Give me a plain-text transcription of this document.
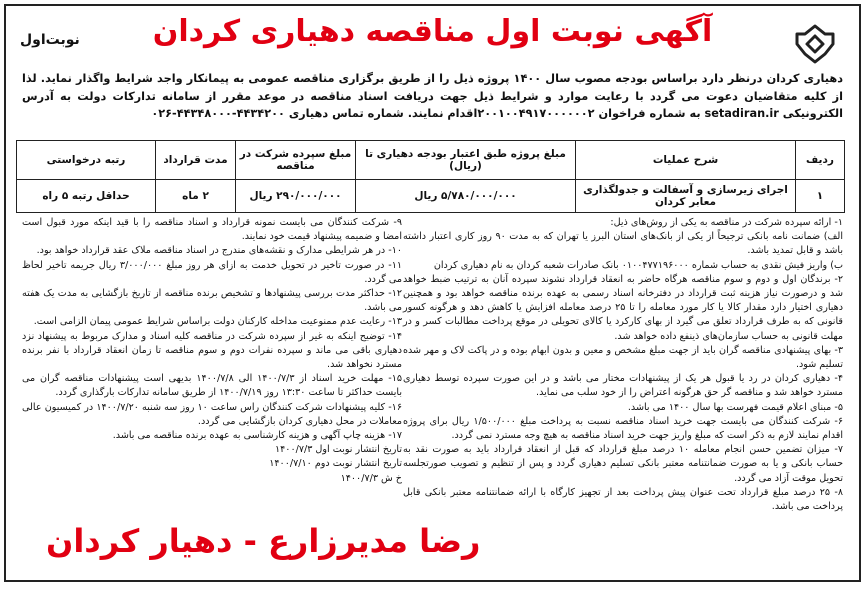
آگهی نوبت اول مناقصه دهیاری کردان
نوبت‌اول
دهیاری کردان درنظر دارد براساس بودجه مصوب سال ۱۴۰۰ پروژه ذیل را از طریق برگزاری مناقصه عمومی به پیمانکار واجد شرایط واگذار نماید. لذا از کلیه متقاضیان دعوت می گردد با رعایت موارد و شرایط ذیل جهت دریافت اسناد مناقصه در موعد مقرر از سامانه تدارکات دولت به آدرس الکترونیکی setadiran.ir به شماره فراخوان ۲۰۰۱۰۰۴۹۱۷۰۰۰۰۰۰۲اقدام نمایند. شماره تماس دهیاری ۴۴۳۴۲۰۰-۴۴۳۴۸۰۰۰-۰۲۶
ردیف	شرح عملیات	مبلغ پروژه طبق اعتبار بودجه دهیاری تا (ریال)	مبلغ سپرده شرکت در مناقصه	مدت قرارداد	رتبه درخواستی
۱	اجرای زیرسازی و آسفالت و جدولگذاری معابر کردان	۵/۷۸۰/۰۰۰/۰۰۰ ریال	۲۹۰/۰۰۰/۰۰۰ ریال	۲ ماه	حداقل رتبه ۵ راه

۱- ارائه سپرده شرکت در مناقصه به یکی از روش‌های ذیل:

الف) ضمانت نامه بانکی ترجیحاً از یکی از بانک‌های استان البرز یا تهران که به مدت ۹۰ روز کاری اعتبار داشته باشد و قابل تمدید باشد.

ب) واریز فیش نقدی به حساب شماره ۰۱۰۰۴۷۷۱۹۶۰۰۰ بانک صادرات شعبه کردان به نام دهیاری کردان

۲- برندگان اول و دوم و سوم مناقصه هرگاه حاضر به انعقاد قرارداد نشوند سپرده آنان به ترتیب ضبط خواهد شد و درصورت نیاز هزینه ثبت قرارداد در دفترخانه اسناد رسمی به عهده برنده مناقصه خواهد بود و همچنین دهیاری اختیار دارد مقدار کالا یا کار مورد معامله را تا ۲۵ درصد معامله افزایش یا کاهش دهد و هرگونه کسور قانونی که به طرف قرارداد تعلق می گیرد از بهای کارکرد یا کالای تحویلی در موقع پرداخت مطالبات کسر و در مهلت قانونی به حساب سازمان‌های ذینفع داده خواهد شد.

۳- بهای پیشنهادی مناقصه گران باید از جهت مبلغ مشخص و معین و بدون ابهام بوده و در پاکت لاک و مهر شده تسلیم شود.

۴- دهیاری کردان در رد یا قبول هر یک از پیشنهادات مختار می باشد و در این صورت سپرده توسط دهیاری مسترد خواهد شد و مناقصه گر حق هرگونه اعتراض را از خود سلب می نماید.

۵- مبنای اعلام قیمت فهرست بها سال ۱۴۰۰ می باشد.

۶- شرکت کنندگان می بایست جهت خرید اسناد مناقصه نسبت به پرداخت مبلغ ۱/۵۰۰/۰۰۰ ریال برای پروژه اقدام نمایند لازم به ذکر است که مبلغ واریز جهت خرید اسناد مناقصه به هیچ وجه مسترد نمی گردد.

۷- میزان تضمین حسن انجام معامله ۱۰ درصد مبلغ قرارداد که قبل از انعقاد قرارداد باید به صورت نقد به حساب بانکی و یا به صورت ضمانتنامه معتبر بانکی تسلیم دهیاری گردد و پس از تنظیم و تصویب صورتجلسه تحویل موقت آزاد می گردد.

۸- ۲۵ درصد مبلغ قرارداد تحت عنوان پیش پرداخت بعد از تجهیز کارگاه با ارائه ضمانتنامه معتبر بانکی قابل پرداخت می باشد.

۹- شرکت کنندگان می بایست نمونه قرارداد و اسناد مناقصه را با قید اینکه مورد قبول است امضا و ضمیمه پیشنهاد قیمت خود نمایند.

۱۰- در هر شرایطی مدارک و نقشه‌های مندرج در اسناد مناقصه ملاک عقد قرارداد خواهد بود.

۱۱- در صورت تاخیر در تحویل خدمت به ازای هر روز مبلغ ۳/۰۰۰/۰۰۰ ریال جریمه تاخیر لحاظ می گردد.

۱۲- حداکثر مدت بررسی پیشنهادها و تشخیص برنده مناقصه از تاریخ بازگشایی به مدت یک هفته می باشد.

۱۳- رعایت عدم ممنوعیت مداخله کارکنان دولت براساس شرایط عمومی پیمان الزامی است.

۱۴- توضیح اینکه به غیر از سپرده شرکت در مناقصه کلیه اسناد و مدارک مربوط به پیشنهاد نزد دهیاری باقی می ماند و سپرده نفرات دوم و سوم مناقصه تا زمان انعقاد قرارداد با نفر برنده مسترد نخواهد شد.

۱۵- مهلت خرید اسناد از ۱۴۰۰/۷/۳ الی ۱۴۰۰/۷/۸ بدیهی است پیشنهادات مناقصه گران می بایست حداکثر تا ساعت ۱۳:۳۰ روز ۱۴۰۰/۷/۱۹ از طریق سامانه تدارکات بارگذاری گردد.

۱۶- کلیه پیشنهادات شرکت کنندگان راس ساعت ۱۰ روز سه شنبه ۱۴۰۰/۷/۲۰ در کمیسیون عالی معاملات در محل دهیاری کردان بازگشایی می گردد.

۱۷- هزینه چاپ آگهی و هزینه کارشناسی به عهده برنده مناقصه می باشد.

تاریخ انتشار نوبت اول ۱۴۰۰/۷/۳

تاریخ انتشار نوبت دوم ۱۴۰۰/۷/۱۰

خ ش ۱۴۰۰/۷/۳

رضا مدیرزارع - دهیار کردان
